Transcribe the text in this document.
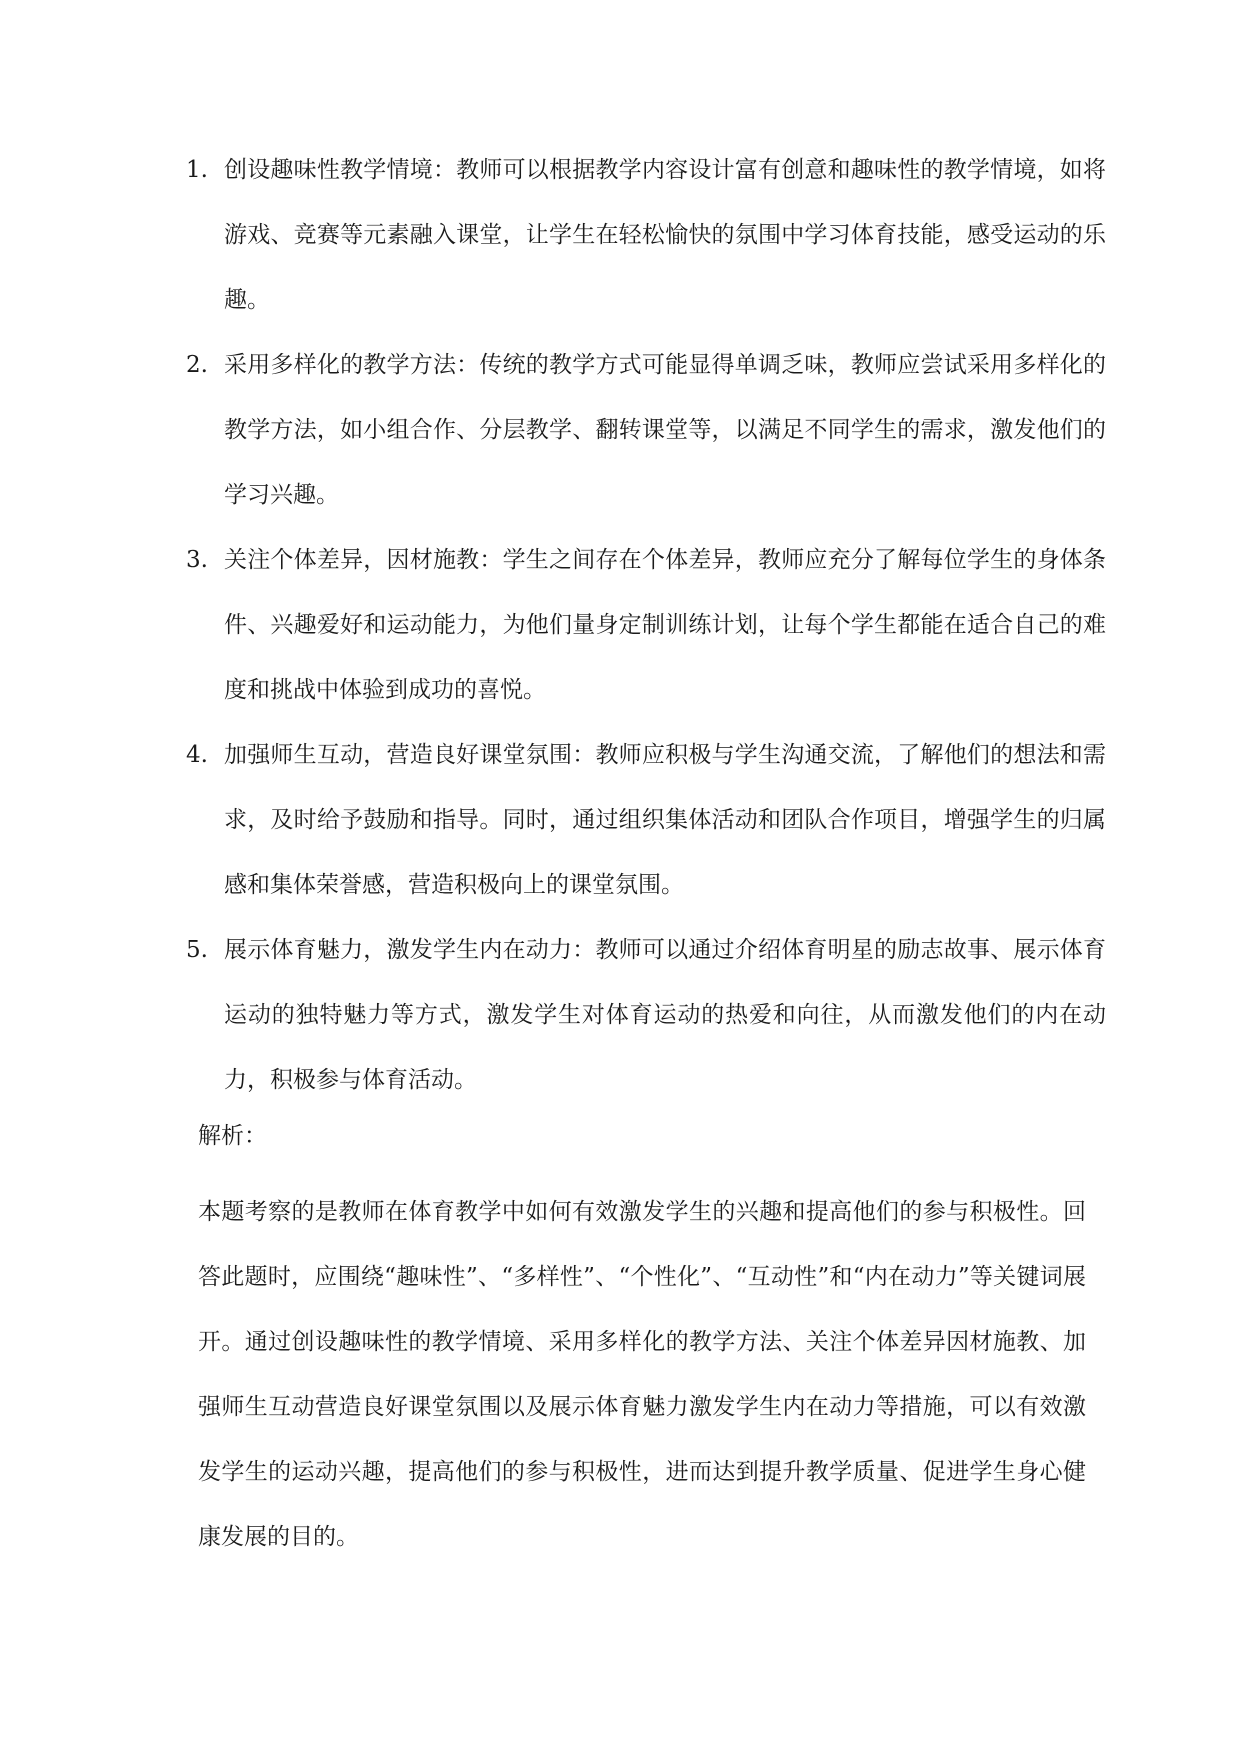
1. 创设趣味性教学情境：教师可以根据教学内容设计富有创意和趣味性的教学情境，如将游戏、竞赛等元素融入课堂，让学生在轻松愉快的氛围中学习体育技能，感受运动的乐趣。
2. 采用多样化的教学方法：传统的教学方式可能显得单调乏味，教师应尝试采用多样化的教学方法，如小组合作、分层教学、翻转课堂等，以满足不同学生的需求，激发他们的学习兴趣。
3. 关注个体差异，因材施教：学生之间存在个体差异，教师应充分了解每位学生的身体条件、兴趣爱好和运动能力，为他们量身定制训练计划，让每个学生都能在适合自己的难度和挑战中体验到成功的喜悦。
4. 加强师生互动，营造良好课堂氛围：教师应积极与学生沟通交流，了解他们的想法和需求，及时给予鼓励和指导。同时，通过组织集体活动和团队合作项目，增强学生的归属感和集体荣誉感，营造积极向上的课堂氛围。
5. 展示体育魅力，激发学生内在动力：教师可以通过介绍体育明星的励志故事、展示体育运动的独特魅力等方式，激发学生对体育运动的热爱和向往，从而激发他们的内在动力，积极参与体育活动。
解析：

本题考察的是教师在体育教学中如何有效激发学生的兴趣和提高他们的参与积极性。回答此题时，应围绕“趣味性”、“多样性”、“个性化”、“互动性”和“内在动力”等关键词展开。通过创设趣味性的教学情境、采用多样化的教学方法、关注个体差异因材施教、加强师生互动营造良好课堂氛围以及展示体育魅力激发学生内在动力等措施，可以有效激发学生的运动兴趣，提高他们的参与积极性，进而达到提升教学质量、促进学生身心健康发展的目的。
